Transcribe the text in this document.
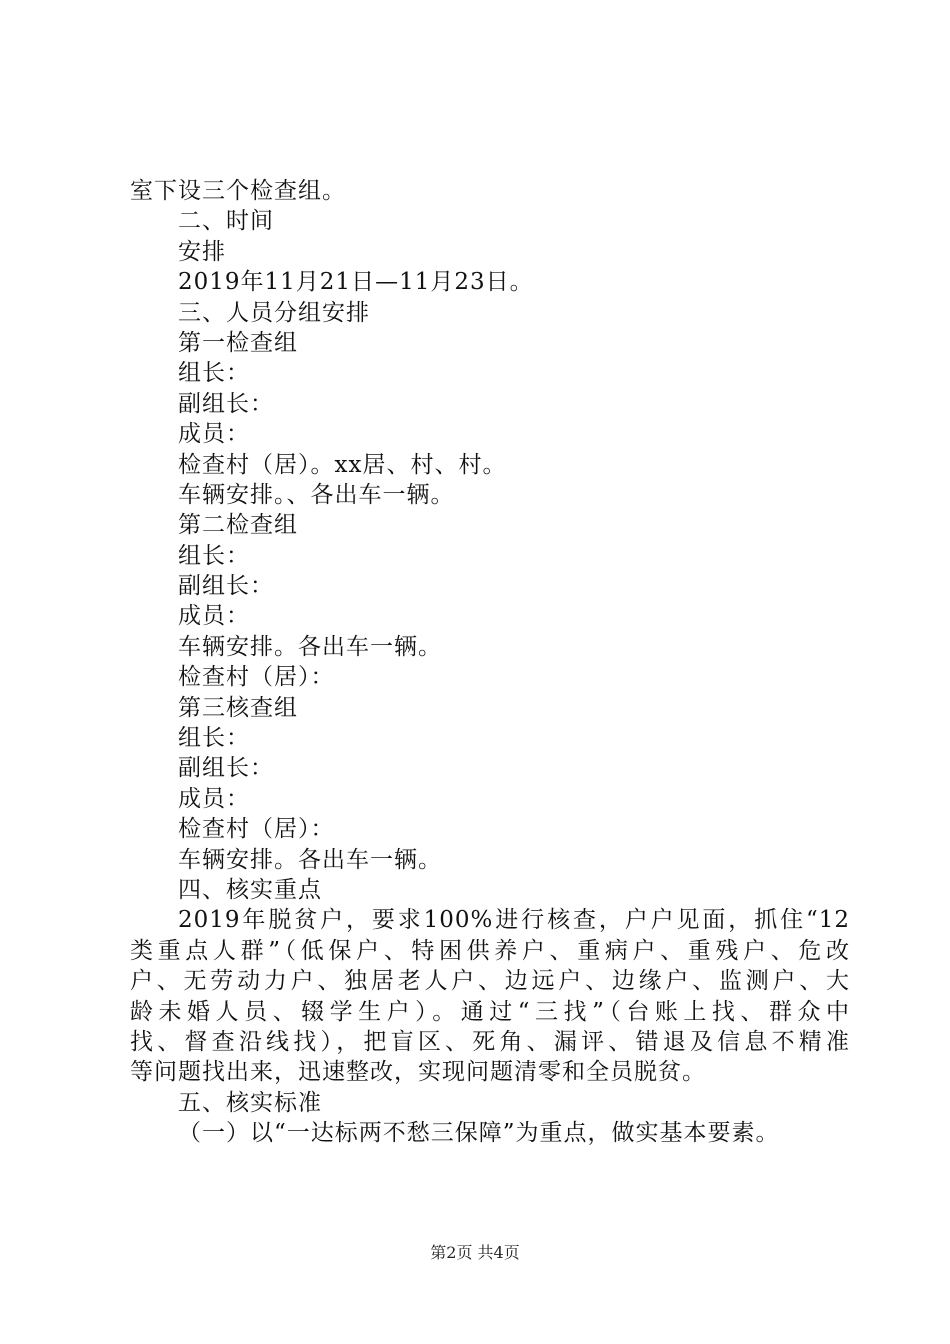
室下设三个检查组。
二、时间
安排
2019年11月21日—11月23日。
三、人员分组安排
第一检查组
组长：
副组长：
成员：
检查村（居）。xx居、村、村。
车辆安排。、各出车一辆。
第二检查组
组长：
副组长：
成员：
车辆安排。各出车一辆。
检查村（居）：
第三核查组
组长：
副组长：
成员：
检查村（居）：
车辆安排。各出车一辆。
四、核实重点
2019年脱贫户，要求100%进行核查，户户见面，抓住“12
类重点人群”（低保户、特困供养户、重病户、重残户、危改
户、无劳动力户、独居老人户、边远户、边缘户、监测户、大
龄未婚人员、辍学生户）。通过“三找”（台账上找、群众中
找、督查沿线找），把盲区、死角、漏评、错退及信息不精准
等问题找出来，迅速整改，实现问题清零和全员脱贫。
五、核实标准
（一）以“一达标两不愁三保障”为重点，做实基本要素。
第2页 共4页
